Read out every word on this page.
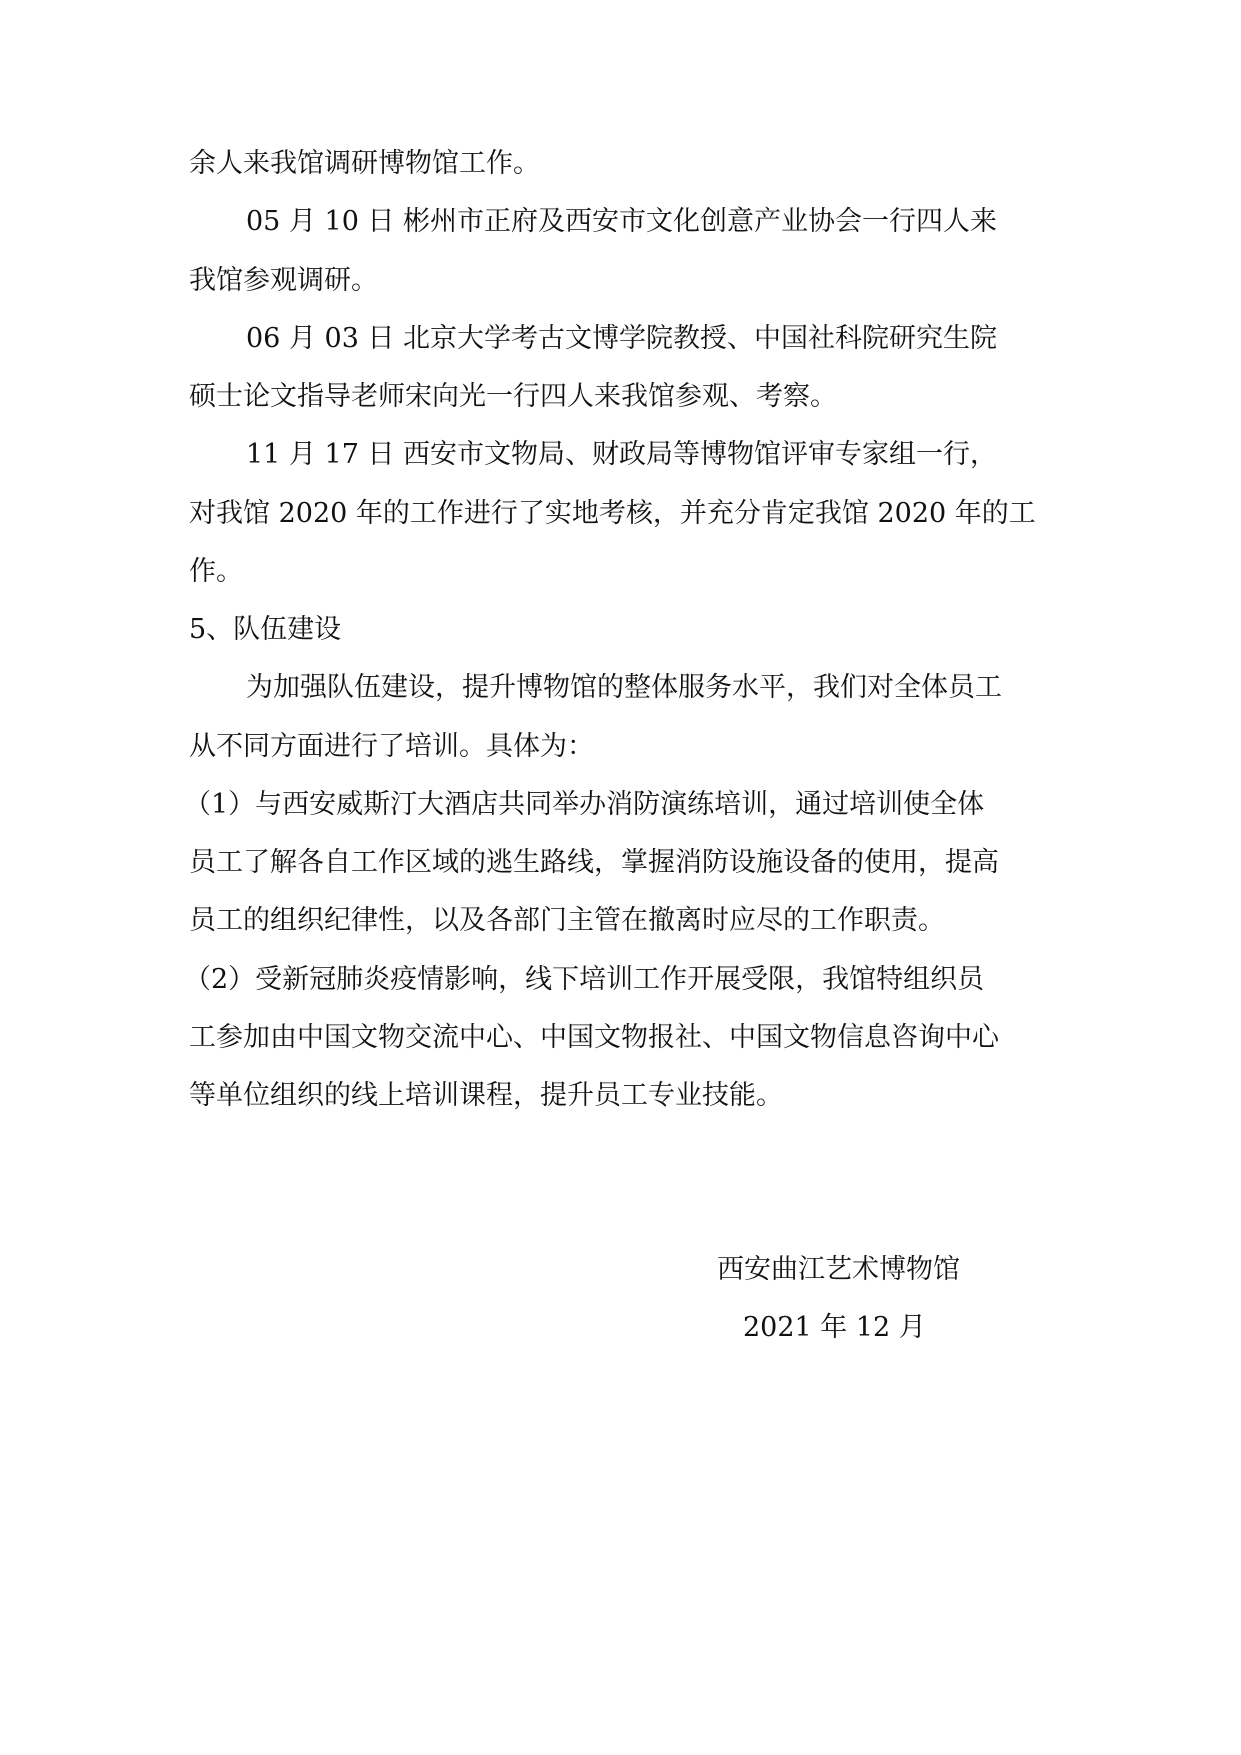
余人来我馆调研博物馆工作。
05 月 10 日 彬州市正府及西安市文化创意产业协会一行四人来
我馆参观调研。
06 月 03 日 北京大学考古文博学院教授、中国社科院研究生院
硕士论文指导老师宋向光一行四人来我馆参观、考察。
11 月 17 日 西安市文物局、财政局等博物馆评审专家组一行，
对我馆 2020 年的工作进行了实地考核，并充分肯定我馆 2020 年的工
作。
5、队伍建设
为加强队伍建设，提升博物馆的整体服务水平，我们对全体员工
从不同方面进行了培训。具体为：
（1）与西安威斯汀大酒店共同举办消防演练培训，通过培训使全体
员工了解各自工作区域的逃生路线，掌握消防设施设备的使用，提高
员工的组织纪律性，以及各部门主管在撤离时应尽的工作职责。
（2）受新冠肺炎疫情影响，线下培训工作开展受限，我馆特组织员
工参加由中国文物交流中心、中国文物报社、中国文物信息咨询中心
等单位组织的线上培训课程，提升员工专业技能。
西安曲江艺术博物馆
2021 年 12 月
